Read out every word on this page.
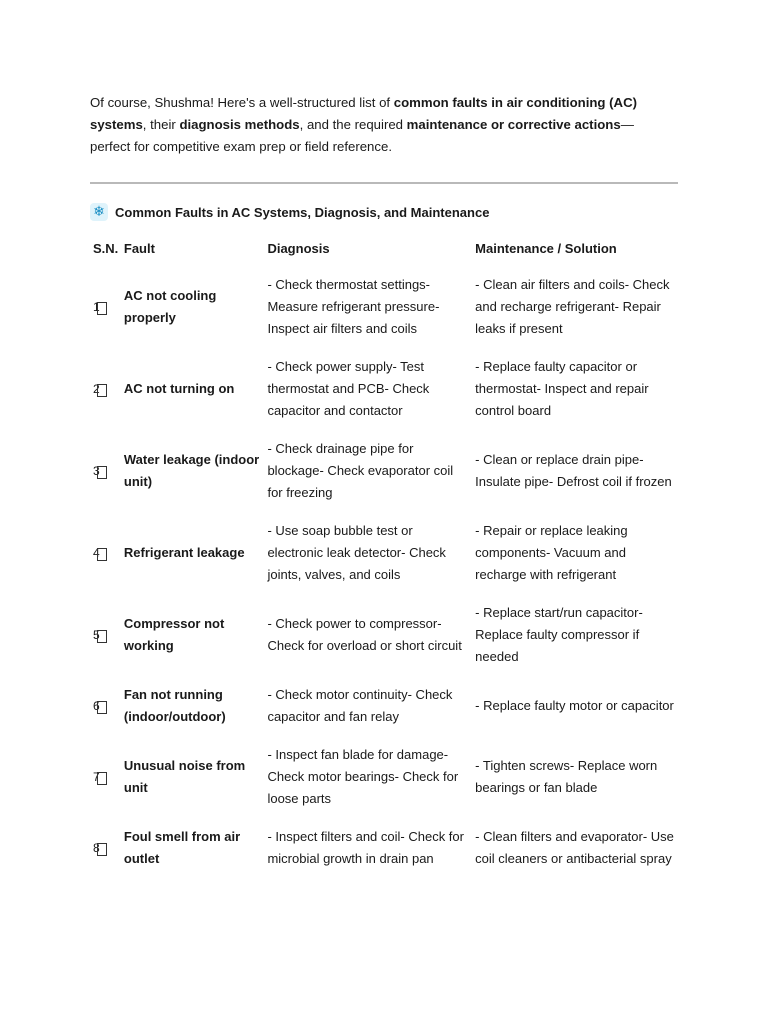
Of course, Shushma! Here's a well-structured list of common faults in air conditioning (AC) systems, their diagnosis methods, and the required maintenance or corrective actions— perfect for competitive exam prep or field reference.

❄ Common Faults in AC Systems, Diagnosis, and Maintenance
S.N.	Fault	Diagnosis	Maintenance / Solution

1	AC not cooling properly	- Check thermostat settings- Measure refrigerant pressure- Inspect air filters and coils	- Clean air filters and coils- Check and recharge refrigerant- Repair leaks if present

2	AC not turning on	- Check power supply- Test thermostat and PCB- Check capacitor and contactor	- Replace faulty capacitor or thermostat- Inspect and repair control board

3	Water leakage (indoor unit)	- Check drainage pipe for blockage- Check evaporator coil for freezing	- Clean or replace drain pipe- Insulate pipe- Defrost coil if frozen

4	Refrigerant leakage	- Use soap bubble test or electronic leak detector- Check joints, valves, and coils	- Repair or replace leaking components- Vacuum and recharge with refrigerant

5	Compressor not working	- Check power to compressor- Check for overload or short circuit	- Replace start/run capacitor- Replace faulty compressor if needed

6	Fan not running (indoor/outdoor)	- Check motor continuity- Check capacitor and fan relay	- Replace faulty motor or capacitor

7	Unusual noise from unit	- Inspect fan blade for damage- Check motor bearings- Check for loose parts	- Tighten screws- Replace worn bearings or fan blade

8	Foul smell from air outlet	- Inspect filters and coil- Check for microbial growth in drain pan	- Clean filters and evaporator- Use coil cleaners or antibacterial spray
